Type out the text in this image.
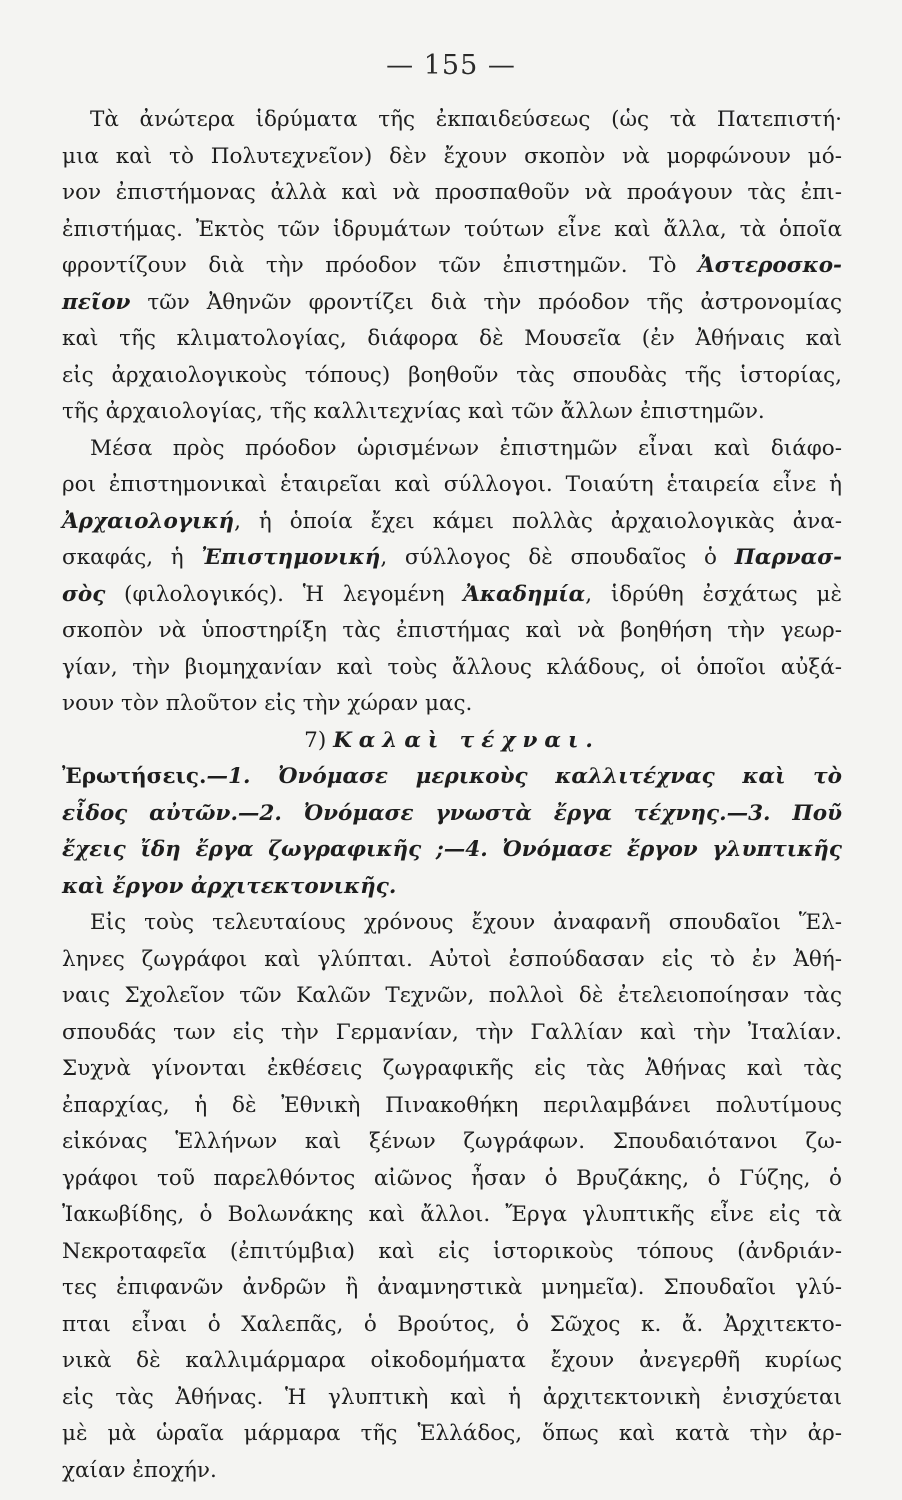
— 155 —
Τὰ ἀνώτερα ἱδρύματα τῆς ἐκπαιδεύσεως (ὡς τὰ Πατεπιστή·
μια καὶ τὸ Πολυτεχνεῖον) δὲν ἔχουν σκοπὸν νὰ μορφώνουν μό-
νον ἐπιστήμονας ἀλλὰ καὶ νὰ προσπαθοῦν νὰ προάγουν τὰς ἐπι-
ἐπιστήμας. Ἐκτὸς τῶν ἱδρυμάτων τούτων εἶνε καὶ ἄλλα, τὰ ὁποῖα
φροντίζουν διὰ τὴν πρόοδον τῶν ἐπιστημῶν. Τὸ Ἀστεροσκο-
πεῖον τῶν Ἀθηνῶν φροντίζει διὰ τὴν πρόοδον τῆς ἀστρονομίας
καὶ τῆς κλιματολογίας, διάφορα δὲ Μουσεῖα (ἐν Ἀθήναις καὶ
εἰς ἀρχαιολογικοὺς τόπους) βοηθοῦν τὰς σπουδὰς τῆς ἱστορίας,
τῆς ἀρχαιολογίας, τῆς καλλιτεχνίας καὶ τῶν ἄλλων ἐπιστημῶν.
Μέσα πρὸς πρόοδον ὡρισμένων ἐπιστημῶν εἶναι καὶ διάφο-
ροι ἐπιστημονικαὶ ἑταιρεῖαι καὶ σύλλογοι. Τοιαύτη ἑταιρεία εἶνε ἡ
Ἀρχαιολογική, ἡ ὁποία ἔχει κάμει πολλὰς ἀρχαιολογικὰς ἀνα-
σκαφάς, ἡ Ἐπιστημονική, σύλλογος δὲ σπουδαῖος ὁ Παρνασ-
σὸς (φιλολογικός). Ἡ λεγομένη Ἀκαδημία, ἱδρύθη ἐσχάτως μὲ
σκοπὸν νὰ ὑποστηρίξη τὰς ἐπιστήμας καὶ νὰ βοηθήση τὴν γεωρ-
γίαν, τὴν βιομηχανίαν καὶ τοὺς ἄλλους κλάδους, οἱ ὁποῖοι αὐξά-
νουν τὸν πλοῦτον εἰς τὴν χώραν μας.
7) Καλαὶ τέχναι.
Ἐρωτήσεις.—1. Ὀνόμασε μερικοὺς καλλιτέχνας καὶ τὸ
εἶδος αὐτῶν.—2. Ὀνόμασε γνωστὰ ἔργα τέχνης.—3. Ποῦ
ἔχεις ἴδη ἔργα ζωγραφικῆς ;—4. Ὀνόμασε ἔργον γλυπτικῆς
καὶ ἔργον ἀρχιτεκτονικῆς.
Εἰς τοὺς τελευταίους χρόνους ἔχουν ἀναφανῆ σπουδαῖοι Ἕλ-
ληνες ζωγράφοι καὶ γλύπται. Αὐτοὶ ἐσπούδασαν εἰς τὸ ἐν Ἀθή-
ναις Σχολεῖον τῶν Καλῶν Τεχνῶν, πολλοὶ δὲ ἐτελειοποίησαν τὰς
σπουδάς των εἰς τὴν Γερμανίαν, τὴν Γαλλίαν καὶ τὴν Ἰταλίαν.
Συχνὰ γίνονται ἐκθέσεις ζωγραφικῆς εἰς τὰς Ἀθήνας καὶ τὰς
ἐπαρχίας, ἡ δὲ Ἐθνικὴ Πινακοθήκη περιλαμβάνει πολυτίμους
εἰκόνας Ἑλλήνων καὶ ξένων ζωγράφων. Σπουδαιότανοι ζω-
γράφοι τοῦ παρελθόντος αἰῶνος ἦσαν ὁ Βρυζάκης, ὁ Γύζης, ὁ
Ἰακωβίδης, ὁ Βολωνάκης καὶ ἄλλοι. Ἔργα γλυπτικῆς εἶνε εἰς τὰ
Νεκροταφεῖα (ἐπιτύμβια) καὶ εἰς ἱστορικοὺς τόπους (ἀνδριάν-
τες ἐπιφανῶν ἀνδρῶν ἢ ἀναμνηστικὰ μνημεῖα). Σπουδαῖοι γλύ-
πται εἶναι ὁ Χαλεπᾶς, ὁ Βρούτος, ὁ Σῶχος κ. ἄ. Ἀρχιτεκτο-
νικὰ δὲ καλλιμάρμαρα οἰκοδομήματα ἔχουν ἀνεγερθῆ κυρίως
εἰς τὰς Ἀθήνας. Ἡ γλυπτικὴ καὶ ἡ ἀρχιτεκτονικὴ ἐνισχύεται
μὲ μὰ ὡραῖα μάρμαρα τῆς Ἑλλάδος, ὅπως καὶ κατὰ τὴν ἀρ-
χαίαν ἐποχήν.
